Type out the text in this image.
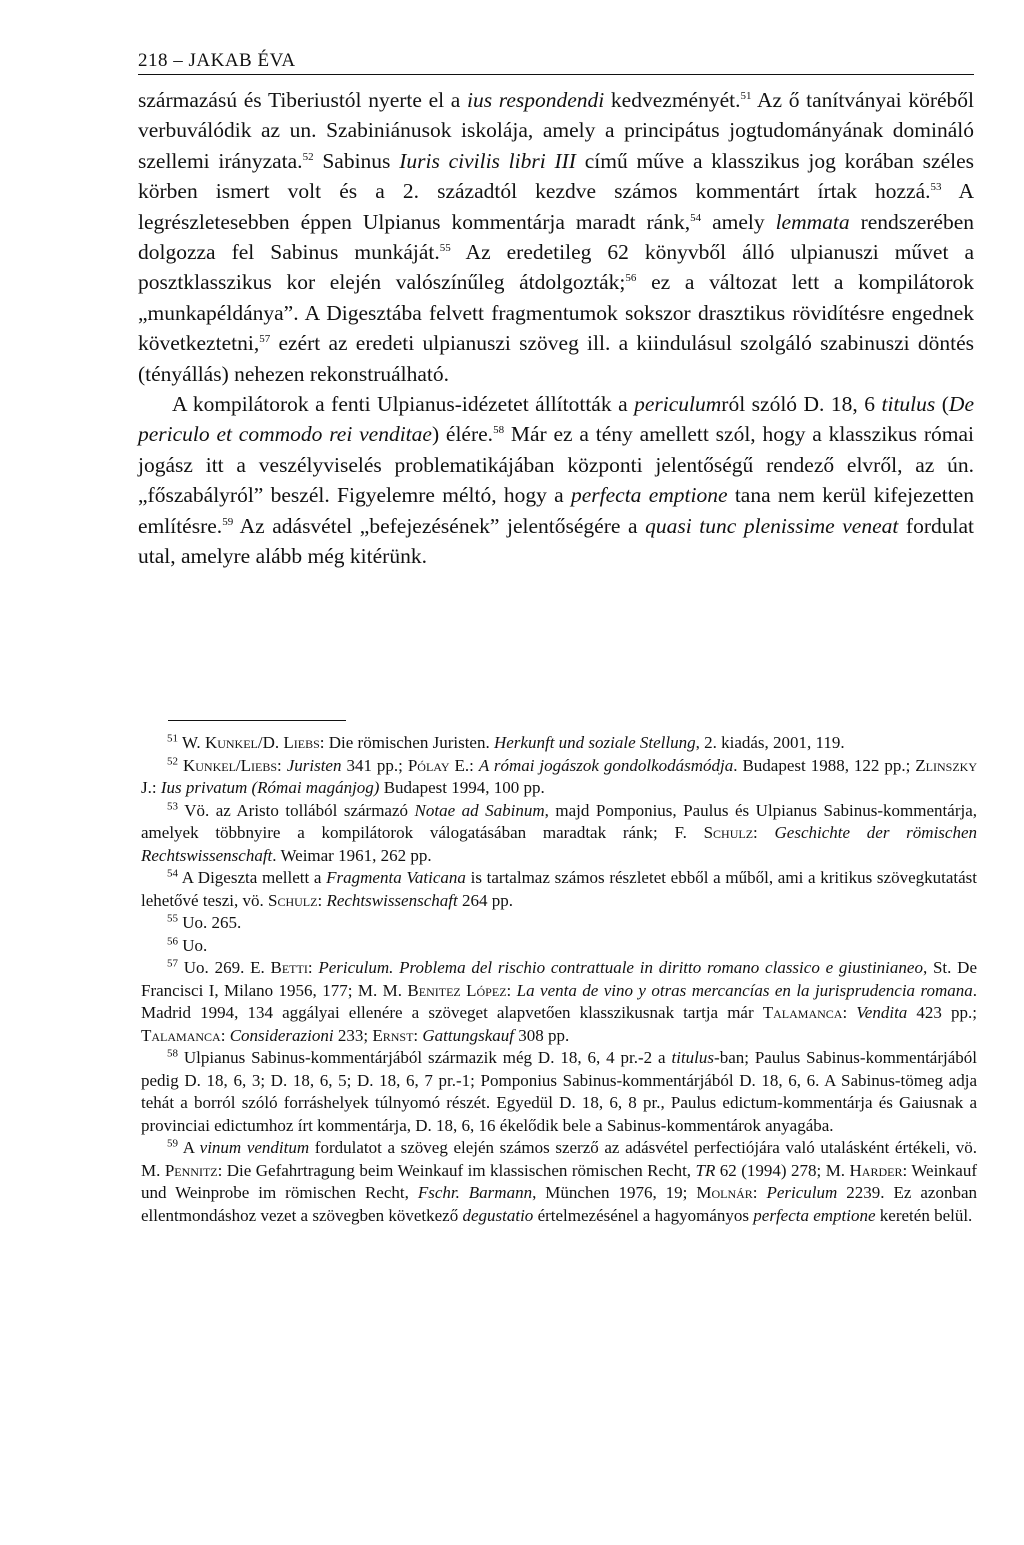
218 – JAKAB ÉVA

származású és Tiberiustól nyerte el a ius respondendi kedvezményét.$^{51}$ Az ő tanítványai köréből verbuválódik az un. Szabiniánusok iskolája, amely a principátus jogtudományának domináló szellemi irányzata.$^{52}$ Sabinus Iuris civilis libri III című műve a klasszikus jog korában széles körben ismert volt és a 2. századtól kezdve számos kommentárt írtak hozzá.$^{53}$ A legrészletesebben éppen Ulpianus kommentárja maradt ránk,$^{54}$ amely lemmata rendszerében dolgozza fel Sabinus munkáját.$^{55}$ Az eredetileg 62 könyvből álló ulpianuszi művet a posztklasszikus kor elején valószínűleg átdolgozták;$^{56}$ ez a változat lett a kompilátorok „munkapéldánya”. A Digesztába felvett fragmentumok sokszor drasztikus rövidítésre engednek következtetni,$^{57}$ ezért az eredeti ulpianuszi szöveg ill. a kiindulásul szolgáló szabinuszi döntés (tényállás) nehezen rekonstruálható.

A kompilátorok a fenti Ulpianus-idézetet állították a periculumról szóló D. 18, 6 titulus (De periculo et commodo rei venditae) élére.$^{58}$ Már ez a tény amellett szól, hogy a klasszikus római jogász itt a veszélyviselés problematikájában központi jelentőségű rendező elvről, az ún. „főszabályról” beszél. Figyelemre méltó, hogy a perfecta emptione tana nem kerül kifejezetten említésre.$^{59}$ Az adásvétel „befejezésének” jelentőségére a quasi tunc plenissime veneat fordulat utal, amelyre alább még kitérünk.

$^{51}$ W. Kunkel/D. Liebs: Die römischen Juristen. Herkunft und soziale Stellung, 2. kiadás, 2001, 119.

$^{52}$ Kunkel/Liebs: Juristen 341 pp.; Pólay E.: A római jogászok gondolkodásmódja. Budapest 1988, 122 pp.; Zlinszky J.: Ius privatum (Római magánjog) Budapest 1994, 100 pp.

$^{53}$ Vö. az Aristo tollából származó Notae ad Sabinum, majd Pomponius, Paulus és Ulpianus Sabinus-kommentárja, amelyek többnyire a kompilátorok válogatásában maradtak ránk; F. Schulz: Geschichte der römischen Rechtswissenschaft. Weimar 1961, 262 pp.

$^{54}$ A Digeszta mellett a Fragmenta Vaticana is tartalmaz számos részletet ebből a műből, ami a kritikus szövegkutatást lehetővé teszi, vö. Schulz: Rechtswissenschaft 264 pp.

$^{55}$ Uo. 265.

$^{56}$ Uo.

$^{57}$ Uo. 269. E. Betti: Periculum. Problema del rischio contrattuale in diritto romano classico e giustinianeo, St. De Francisci I, Milano 1956, 177; M. M. Benitez López: La venta de vino y otras mercancías en la jurisprudencia romana. Madrid 1994, 134 aggályai ellenére a szöveget alapvetően klasszikusnak tartja már Talamanca: Vendita 423 pp.; Talamanca: Considerazioni 233; Ernst: Gattungskauf 308 pp.

$^{58}$ Ulpianus Sabinus-kommentárjából származik még D. 18, 6, 4 pr.-2 a titulus-ban; Paulus Sabinus-kommentárjából pedig D. 18, 6, 3; D. 18, 6, 5; D. 18, 6, 7 pr.-1; Pomponius Sabinus-kommentárjából D. 18, 6, 6. A Sabinus-tömeg adja tehát a borról szóló forráshelyek túlnyomó részét. Egyedül D. 18, 6, 8 pr., Paulus edictum-kommentárja és Gaiusnak a provinciai edictumhoz írt kommentárja, D. 18, 6, 16 ékelődik bele a Sabinus-kommentárok anyagába.

$^{59}$ A vinum venditum fordulatot a szöveg elején számos szerző az adásvétel perfectiójára való utalásként értékeli, vö. M. Pennitz: Die Gefahrtragung beim Weinkauf im klassischen römischen Recht, TR 62 (1994) 278; M. Harder: Weinkauf und Weinprobe im römischen Recht, Fschr. Barmann, München 1976, 19; Molnár: Periculum 2239. Ez azonban ellentmondáshoz vezet a szövegben következő degustatio értelmezésénel a hagyományos perfecta emptione keretén belül.
